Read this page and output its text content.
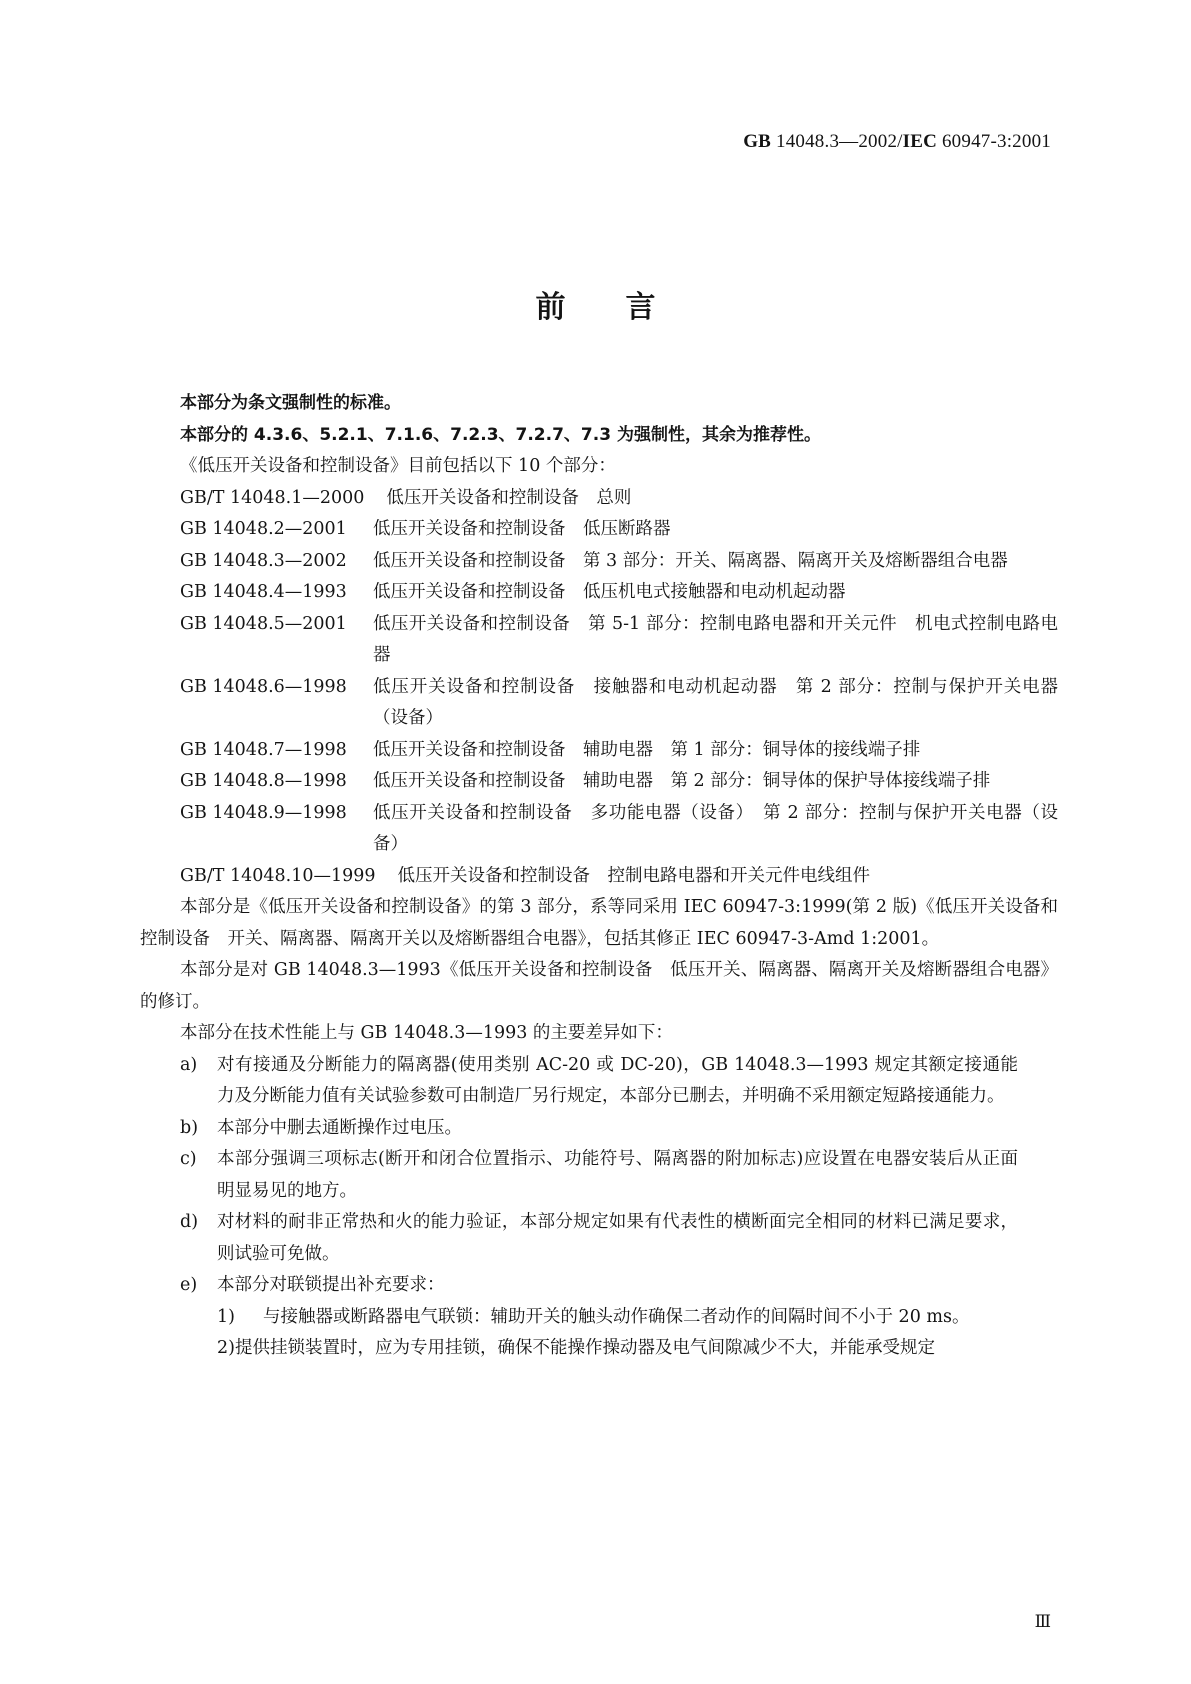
GB 14048.3—2002/IEC 60947-3:2001
前言
本部分为条文强制性的标准。
本部分的 4.3.6、5.2.1、7.1.6、7.2.3、7.2.7、7.3 为强制性，其余为推荐性。
《低压开关设备和控制设备》目前包括以下 10 个部分：
GB/T 14048.1—2000	低压开关设备和控制设备　总则
GB 14048.2—2001	低压开关设备和控制设备　低压断路器
GB 14048.3—2002	低压开关设备和控制设备　第 3 部分：开关、隔离器、隔离开关及熔断器组合电器
GB 14048.4—1993	低压开关设备和控制设备　低压机电式接触器和电动机起动器
GB 14048.5—2001	低压开关设备和控制设备　第 5-1 部分：控制电路电器和开关元件　机电式控制电路电器
GB 14048.6—1998	低压开关设备和控制设备　接触器和电动机起动器　第 2 部分：控制与保护开关电器（设备）
GB 14048.7—1998	低压开关设备和控制设备　辅助电器　第 1 部分：铜导体的接线端子排
GB 14048.8—1998	低压开关设备和控制设备　辅助电器　第 2 部分：铜导体的保护导体接线端子排
GB 14048.9—1998	低压开关设备和控制设备　多功能电器（设备）　第 2 部分：控制与保护开关电器（设备）
GB/T 14048.10—1999	低压开关设备和控制设备　控制电路电器和开关元件电线组件
本部分是《低压开关设备和控制设备》的第 3 部分，系等同采用 IEC 60947-3:1999(第 2 版)《低压开关设备和控制设备　开关、隔离器、隔离开关以及熔断器组合电器》，包括其修正 IEC 60947-3-Amd 1:2001。
本部分是对 GB 14048.3—1993《低压开关设备和控制设备　低压开关、隔离器、隔离开关及熔断器组合电器》的修订。
本部分在技术性能上与 GB 14048.3—1993 的主要差异如下：
a)	对有接通及分断能力的隔离器(使用类别 AC-20 或 DC-20)，GB 14048.3—1993 规定其额定接通能力及分断能力值有关试验参数可由制造厂另行规定，本部分已删去，并明确不采用额定短路接通能力。
b)	本部分中删去通断操作过电压。
c)	本部分强调三项标志(断开和闭合位置指示、功能符号、隔离器的附加标志)应设置在电器安装后从正面明显易见的地方。
d)	对材料的耐非正常热和火的能力验证，本部分规定如果有代表性的横断面完全相同的材料已满足要求，则试验可免做。
e)	本部分对联锁提出补充要求：
1)	与接触器或断路器电气联锁：辅助开关的触头动作确保二者动作的间隔时间不小于 20 ms。
2) 提供挂锁装置时，应为专用挂锁，确保不能操作操动器及电气间隙减少不大，并能承受规定
Ⅲ
